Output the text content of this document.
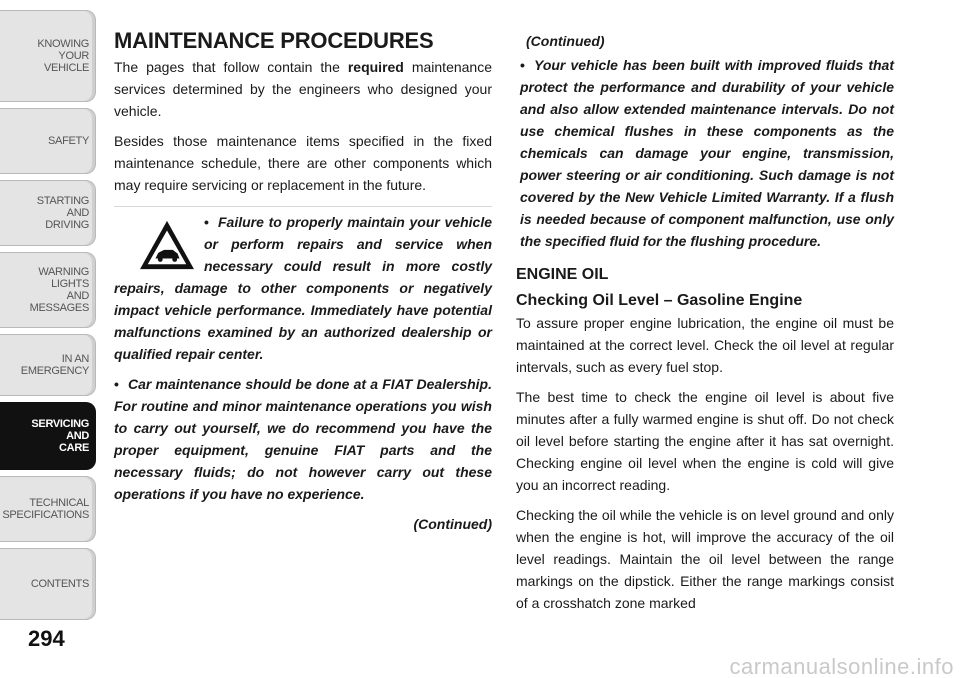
KNOWING
YOUR
VEHICLE
SAFETY
STARTING
AND
DRIVING
WARNING
LIGHTS
AND
MESSAGES
IN AN
EMERGENCY
SERVICING
AND
CARE
TECHNICAL
SPECIFICATIONS
CONTENTS
294
MAINTENANCE PROCEDURES

The pages that follow contain the required maintenance services determined by the engineers who designed your vehicle.

Besides those maintenance items specified in the fixed maintenance schedule, there are other components which may require servicing or replacement in the future.

• Failure to properly maintain your vehicle or perform repairs and service when necessary could result in more costly repairs, damage to other components or negatively impact vehicle performance. Immediately have potential malfunctions examined by an authorized dealership or qualified repair center.

• Car maintenance should be done at a FIAT Dealership. For routine and minor maintenance operations you wish to carry out yourself, we do recommend you have the proper equipment, genuine FIAT parts and the necessary fluids; do not however carry out these operations if you have no experience.

(Continued)
(Continued)

• Your vehicle has been built with improved fluids that protect the performance and durability of your vehicle and also allow extended maintenance intervals. Do not use chemical flushes in these components as the chemicals can damage your engine, transmission, power steering or air conditioning. Such damage is not covered by the New Vehicle Limited Warranty. If a flush is needed because of component malfunction, use only the specified fluid for the flushing procedure.

ENGINE OIL
Checking Oil Level – Gasoline Engine

To assure proper engine lubrication, the engine oil must be maintained at the correct level. Check the oil level at regular intervals, such as every fuel stop.

The best time to check the engine oil level is about five minutes after a fully warmed engine is shut off. Do not check oil level before starting the engine after it has sat overnight. Checking engine oil level when the engine is cold will give you an incorrect reading.

Checking the oil while the vehicle is on level ground and only when the engine is hot, will improve the accuracy of the oil level readings. Maintain the oil level between the range markings on the dipstick. Either the range markings consist of a crosshatch zone marked

carmanualsonline.info
